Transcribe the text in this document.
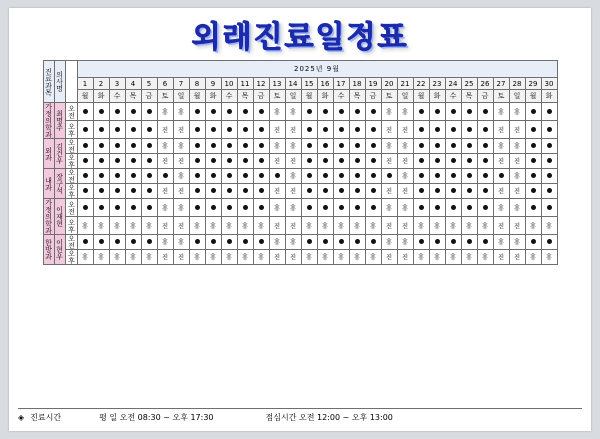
외래진료일정표
진료과목	의사명		2025년 9월																													
			1	2	3	4	5	6	7	8	9	10	11	12	13	14	15	16	17	18	19	20	21	22	23	24	25	26	27	28	29	30
			월	화	수	목	금	토	일	월	화	수	목	금	토	일	월	화	수	목	금	토	일	월	화	수	목	금	토	일	월	화

가정의학과	최명주	오전						휴	휴						휴	휴						휴	휴						휴	휴		

		오후						진	진						진	진						진	진						진	진		

외과	김건우	오전						휴	휴						휴	휴						휴	휴						휴	휴		

		오후						진	진						진	진						진	진						진	진		

내과	장구석	오전							휴							휴							휴							휴		

		오후						진	진						진	진						진	진						진	진		

가정의학과	이재현	오전						휴	휴						휴	휴						휴	휴						휴	휴		

		오후	휴	휴	휴	휴	휴	진	진	휴	휴	휴	휴	휴	진	진	휴	휴	휴	휴	휴	진	진	휴	휴	휴	휴	휴	진	진	휴	휴

한방과	이현우	오전						휴	휴						휴	휴						휴	휴						휴	휴		

		오후	휴	휴	휴	휴	휴	진	진	휴	휴	휴	휴	휴	진	진	휴	휴	휴	휴	휴	진	진	휴	휴	휴	휴	휴	진	진	휴	휴
◈ 진료시간	평 일 오전 08:30 ~ 오후 17:30	점심시간 오전 12:00 ~ 오후 13:00
